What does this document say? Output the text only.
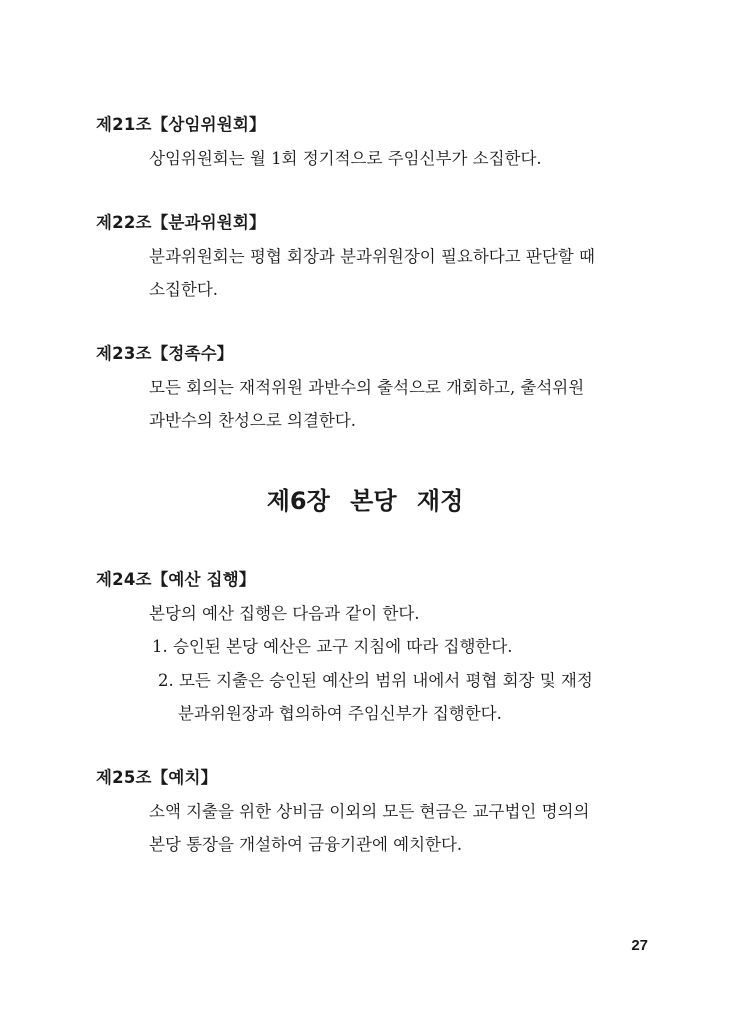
제21조【상임위원회】
상임위원회는 월 1회 정기적으로 주임신부가 소집한다.
제22조【분과위원회】
분과위원회는 평협 회장과 분과위원장이 필요하다고 판단할 때
소집한다.
제23조【정족수】
모든 회의는 재적위원 과반수의 출석으로 개회하고, 출석위원
과반수의 찬성으로 의결한다.
제6장 본당 재정
제24조【예산 집행】
본당의 예산 집행은 다음과 같이 한다.
1. 승인된 본당 예산은 교구 지침에 따라 집행한다.
2. 모든 지출은 승인된 예산의 범위 내에서 평협 회장 및 재정
분과위원장과 협의하여 주임신부가 집행한다.
제25조【예치】
소액 지출을 위한 상비금 이외의 모든 현금은 교구법인 명의의
본당 통장을 개설하여 금융기관에 예치한다.
27
